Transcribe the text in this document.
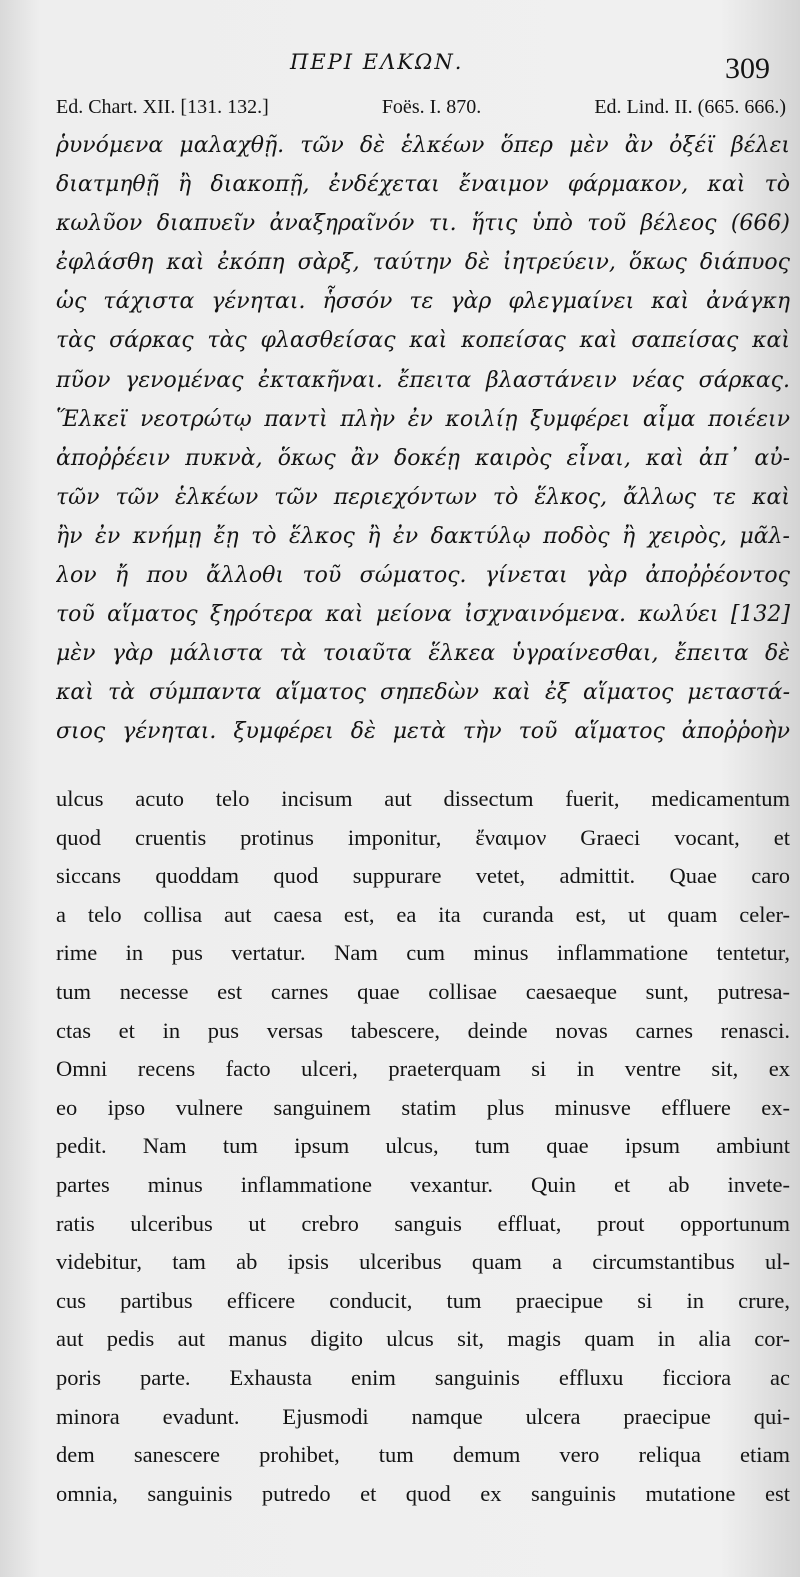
ΠΕΡΙ ΕΛΚΩΝ.	309
Ed. Chart. XII. [131. 132.]	Foës. I. 870.	Ed. Lind. II. (665. 666.)
ῥυνόμενα μαλαχθῇ. τῶν δὲ ἑλκέων ὅπερ μὲν ἂν ὀξέϊ βέλει
διατμηθῇ ἢ διακοπῇ, ἐνδέχεται ἔναιμον φάρμακον, καὶ τὸ
κωλῦον διαπυεῖν ἀναξηραῖνόν τι. ἥτις ὑπὸ τοῦ βέλεος (666)
ἐφλάσθη καὶ ἐκόπη σὰρξ, ταύτην δὲ ἰητρεύειν, ὅκως διάπυος
ὡς τάχιστα γένηται. ἧσσόν τε γὰρ φλεγμαίνει καὶ ἀνάγκη
τὰς σάρκας τὰς φλασθείσας καὶ κοπείσας καὶ σαπείσας καὶ
πῦον γενομένας ἐκτακῆναι. ἔπειτα βλαστάνειν νέας σάρκας.
Ἕλκεϊ νεοτρώτῳ παντὶ πλὴν ἐν κοιλίῃ ξυμφέρει αἷμα ποιέειν
ἀποῤῥέειν πυκνὰ, ὅκως ἂν δοκέῃ καιρὸς εἶναι, καὶ ἀπ᾿ αὐ-
τῶν τῶν ἑλκέων τῶν περιεχόντων τὸ ἕλκος, ἄλλως τε καὶ
ἢν ἐν κνήμῃ ἔῃ τὸ ἕλκος ἢ ἐν δακτύλῳ ποδὸς ἢ χειρὸς, μᾶλ-
λον ἤ που ἄλλοθι τοῦ σώματος. γίνεται γὰρ ἀποῤῥέοντος
τοῦ αἵματος ξηρότερα καὶ μείονα ἰσχναινόμενα. κωλύει [132]
μὲν γὰρ μάλιστα τὰ τοιαῦτα ἕλκεα ὑγραίνεσθαι, ἔπειτα δὲ
καὶ τὰ σύμπαντα αἵματος σηπεδὼν καὶ ἐξ αἵματος μεταστά-
σιος γένηται. ξυμφέρει δὲ μετὰ τὴν τοῦ αἵματος ἀποῤῥοὴν
ulcus acuto telo incisum aut dissectum fuerit, medicamentum
quod cruentis protinus imponitur, ἔναιμον Graeci vocant, et
siccans quoddam quod suppurare vetet, admittit. Quae caro
a telo collisa aut caesa est, ea ita curanda est, ut quam celer-
rime in pus vertatur. Nam cum minus inflammatione tentetur,
tum necesse est carnes quae collisae caesaeque sunt, putresa-
ctas et in pus versas tabescere, deinde novas carnes renasci.
Omni recens facto ulceri, praeterquam si in ventre sit, ex
eo ipso vulnere sanguinem statim plus minusve effluere ex-
pedit. Nam tum ipsum ulcus, tum quae ipsum ambiunt
partes minus inflammatione vexantur. Quin et ab invete-
ratis ulceribus ut crebro sanguis effluat, prout opportunum
videbitur, tam ab ipsis ulceribus quam a circumstantibus ul-
cus partibus efficere conducit, tum praecipue si in crure,
aut pedis aut manus digito ulcus sit, magis quam in alia cor-
poris parte. Exhausta enim sanguinis effluxu ficciora ac
minora evadunt. Ejusmodi namque ulcera praecipue qui-
dem sanescere prohibet, tum demum vero reliqua etiam
omnia, sanguinis putredo et quod ex sanguinis mutatione est
